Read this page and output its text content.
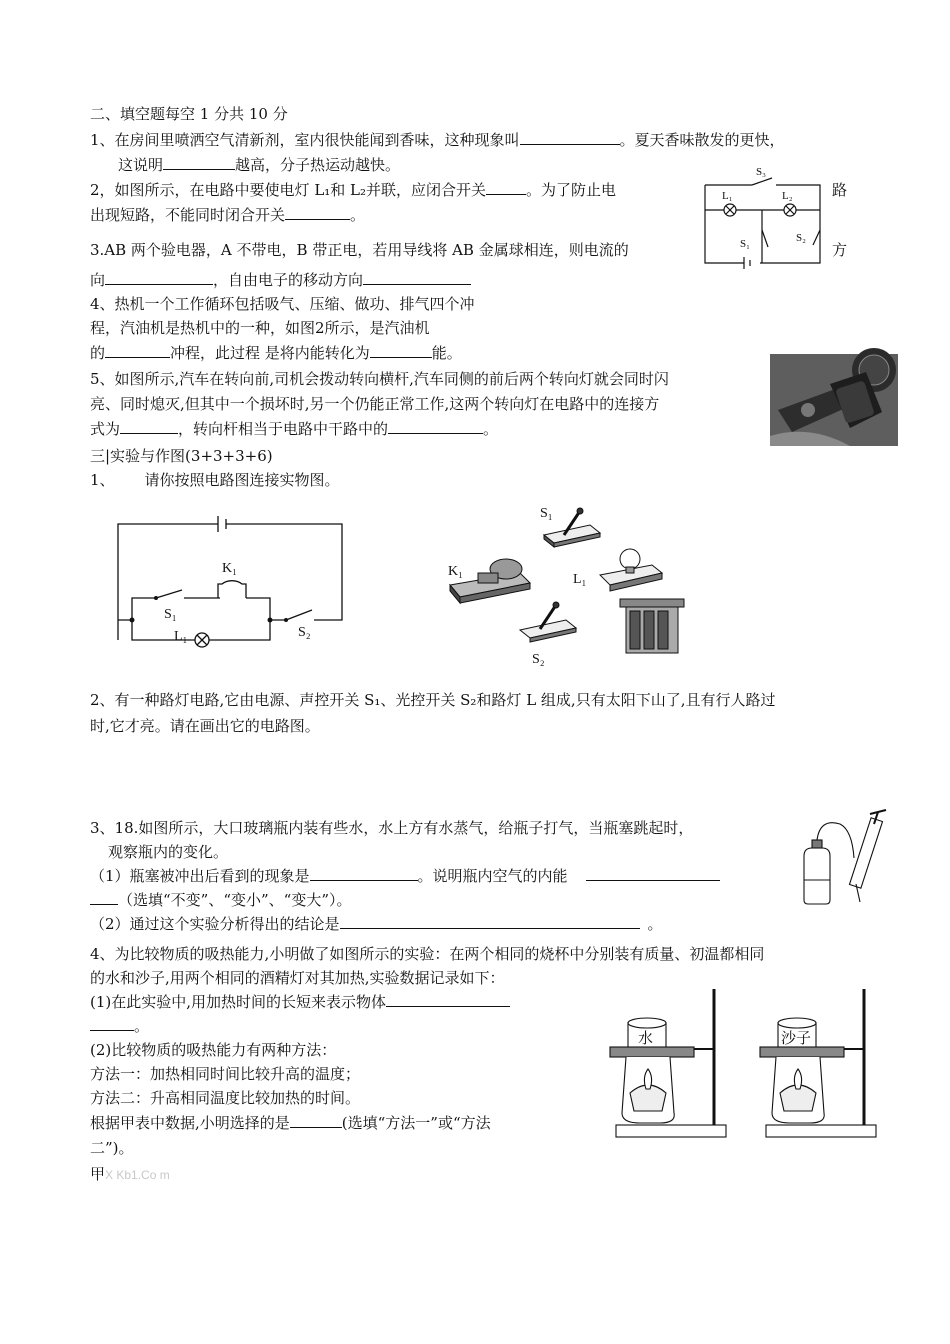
二、填空题每空 1 分共 10 分
1、在房间里喷洒空气清新剂，室内很快能闻到香味，这种现象叫	。夏天香味散发的更快，
这说明	越高，分子热运动越快。
2，如图所示，在电路中要使电灯 L₁和 L₂并联，应闭合开关	。为了防止电	路
出现短路，不能同时闭合开关	。
3.AB 两个验电器，A 不带电，B 带正电，若用导线将 AB 金属球相连，则电流的	方
向	，自由电子的移动方向
4、热机一个工作循环包括吸气、压缩、做功、排气四个冲
程，汽油机是热机中的一种，如图2所示，是汽油机
的	冲程，此过程 是将内能转化为	能。
5、如图所示,汽车在转向前,司机会拨动转向横杆,汽车同侧的前后两个转向灯就会同时闪
亮、同时熄灭,但其中一个损坏时,另一个仍能正常工作,这两个转向灯在电路中的连接方
式为	，转向杆相当于电路中干路中的	。
S₃
L₁	L₂
S₁	S₂
三|实验与作图(3+3+3+6)
1、 请你按照电路图连接实物图。
K₁
S₁
S₂
L₁
S₁
K₁
L₁
S₂
2、有一种路灯电路,它由电源、声控开关 S₁、光控开关 S₂和路灯 L 组成,只有太阳下山了,且有行人路过
时,它才亮。请在画出它的电路图。
3、18.如图所示，大口玻璃瓶内装有些水，水上方有水蒸气，给瓶子打气，当瓶塞跳起时，
观察瓶内的变化。
（1）瓶塞被冲出后看到的现象是	。说明瓶内空气的内能
（选填“不变”、“变小”、“变大”）。
（2）通过这个实验分析得出的结论是	。
4、为比较物质的吸热能力,小明做了如图所示的实验：在两个相同的烧杯中分别装有质量、初温都相同
的水和沙子,用两个相同的酒精灯对其加热,实验数据记录如下：
(1)在此实验中,用加热时间的长短来表示物体
。
(2)比较物质的吸热能力有两种方法：
方法一：加热相同时间比较升高的温度；
方法二：升高相同温度比较加热的时间。
根据甲表中数据,小明选择的是	(选填“方法一”或“方法
二”)。
甲X Kb1.Co m
水	沙子
